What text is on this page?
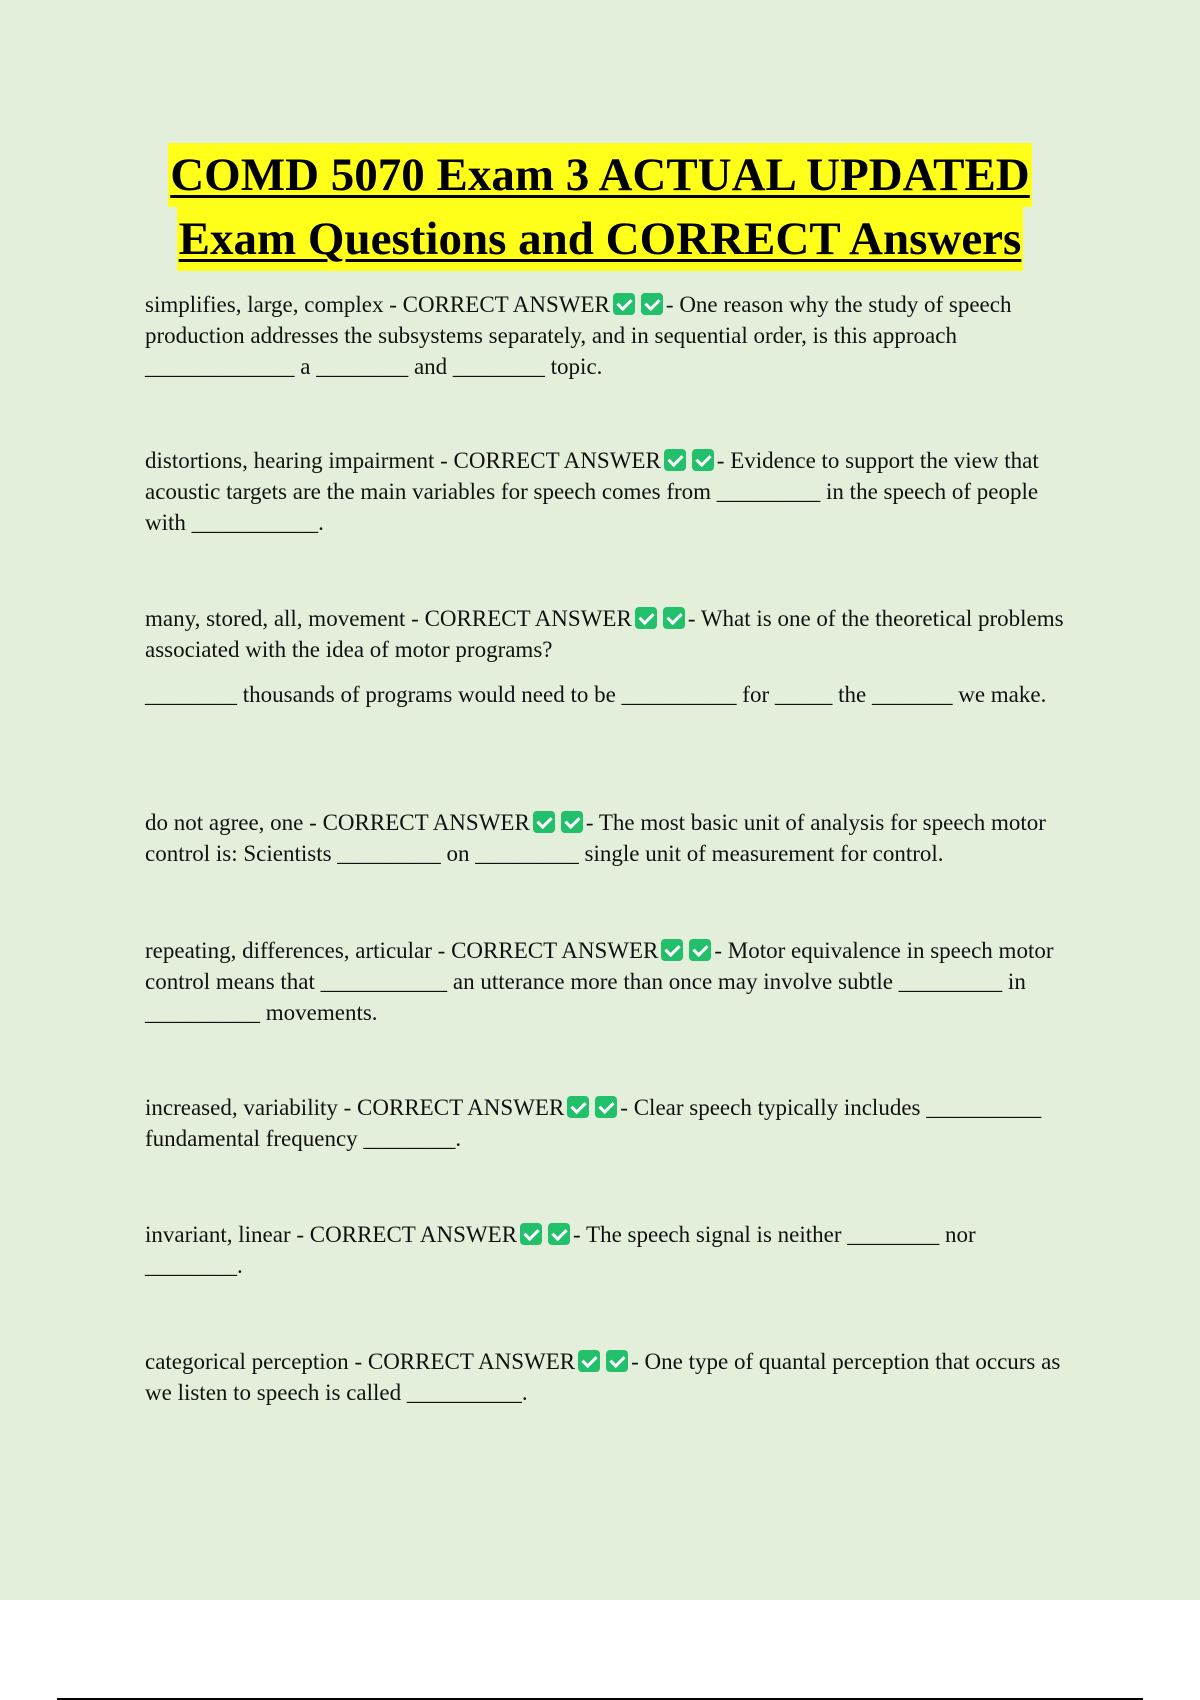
COMD 5070 Exam 3 ACTUAL UPDATED
Exam Questions and CORRECT Answers

simplifies, large, complex - CORRECT ANSWER - One reason why the study of speech production addresses the subsystems separately, and in sequential order, is this approach _____________ a ________ and ________ topic.

distortions, hearing impairment - CORRECT ANSWER - Evidence to support the view that acoustic targets are the main variables for speech comes from _________ in the speech of people with ___________.

many, stored, all, movement - CORRECT ANSWER - What is one of the theoretical problems associated with the idea of motor programs?

________ thousands of programs would need to be __________ for _____ the _______ we make.

do not agree, one - CORRECT ANSWER - The most basic unit of analysis for speech motor control is: Scientists _________ on _________ single unit of measurement for control.

repeating, differences, articular - CORRECT ANSWER - Motor equivalence in speech motor control means that ___________ an utterance more than once may involve subtle _________ in __________ movements.

increased, variability - CORRECT ANSWER - Clear speech typically includes __________ fundamental frequency ________.

invariant, linear - CORRECT ANSWER - The speech signal is neither ________ nor ________.

categorical perception - CORRECT ANSWER - One type of quantal perception that occurs as we listen to speech is called __________.
